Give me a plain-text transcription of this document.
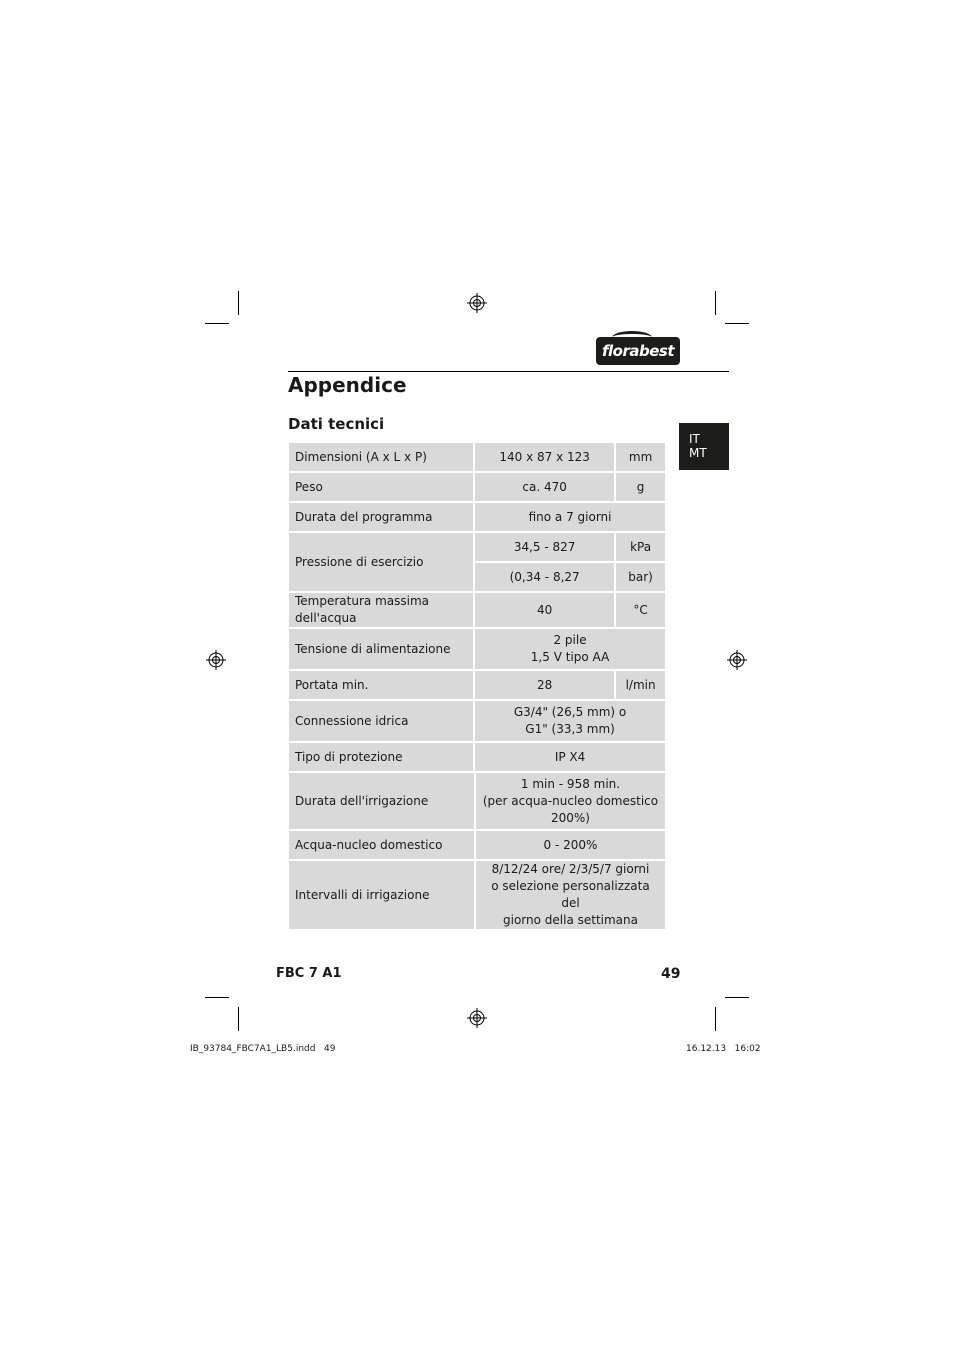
florabest
Appendice
Dati tecnici
IT
MT
Dimensioni (A x L x P)	140 x 87 x 123	mm
Peso	ca. 470	g
Durata del programma	fino a 7 giorni	
Pressione di esercizio	34,5 - 827	kPa
	(0,34 - 8,27	bar)
Temperatura massima dell'acqua	40	°C
Tensione di alimentazione	2 pile
1,5 V tipo AA	

Portata min.	28	l/min
Connessione idrica	G3/4" (26,5 mm) o
G1" (33,3 mm)	

Tipo di protezione	IP X4	
Durata dell'irrigazione	1 min - 958 min.
(per acqua-nucleo domestico
200%)

Acqua-nucleo domestico	0 - 200%
Intervalli di irrigazione	8/12/24 ore/ 2/3/5/7 giorni
o selezione personalizzata del
giorno della settimana
FBC 7 A1	49
IB_93784_FBC7A1_LB5.indd   49	16.12.13   16:02
